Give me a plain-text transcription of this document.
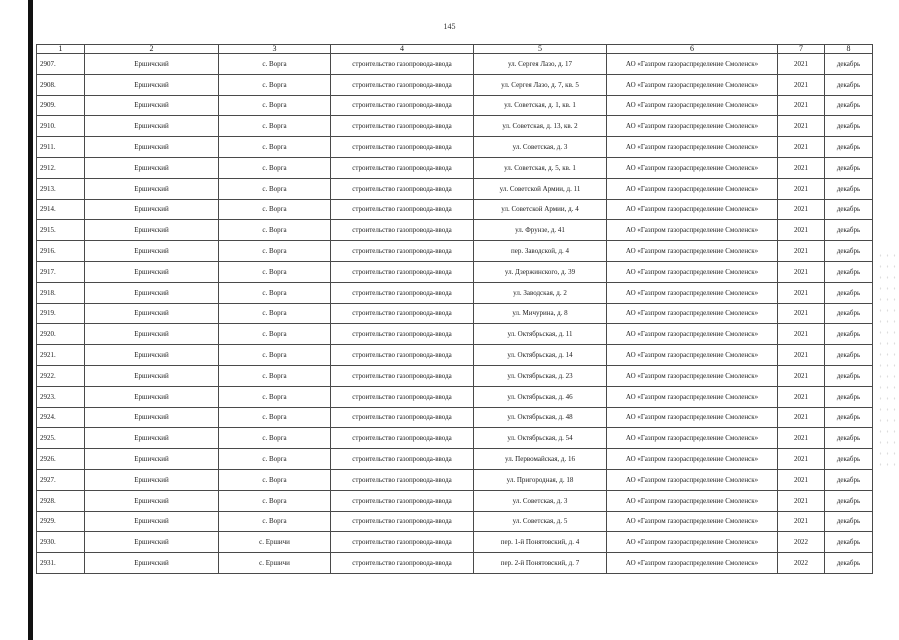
145
1	2	3	4	5	6	7	8
2907.	Ершичский	с. Ворга	строительство газопровода-ввода	ул. Сергея Лазо, д. 17	АО «Газпром газораспределение Смоленск»	2021	декабрь
2908.	Ершичский	с. Ворга	строительство газопровода-ввода	ул. Сергея Лазо, д. 7, кв. 5	АО «Газпром газораспределение Смоленск»	2021	декабрь
2909.	Ершичский	с. Ворга	строительство газопровода-ввода	ул. Советская, д. 1, кв. 1	АО «Газпром газораспределение Смоленск»	2021	декабрь
2910.	Ершичский	с. Ворга	строительство газопровода-ввода	ул. Советская, д. 13, кв. 2	АО «Газпром газораспределение Смоленск»	2021	декабрь
2911.	Ершичский	с. Ворга	строительство газопровода-ввода	ул. Советская, д. 3	АО «Газпром газораспределение Смоленск»	2021	декабрь
2912.	Ершичский	с. Ворга	строительство газопровода-ввода	ул. Советская, д. 5, кв. 1	АО «Газпром газораспределение Смоленск»	2021	декабрь
2913.	Ершичский	с. Ворга	строительство газопровода-ввода	ул. Советской Армии, д. 11	АО «Газпром газораспределение Смоленск»	2021	декабрь
2914.	Ершичский	с. Ворга	строительство газопровода-ввода	ул. Советской Армии, д. 4	АО «Газпром газораспределение Смоленск»	2021	декабрь
2915.	Ершичский	с. Ворга	строительство газопровода-ввода	ул. Фрунзе, д. 41	АО «Газпром газораспределение Смоленск»	2021	декабрь
2916.	Ершичский	с. Ворга	строительство газопровода-ввода	пер. Заводской, д. 4	АО «Газпром газораспределение Смоленск»	2021	декабрь
2917.	Ершичский	с. Ворга	строительство газопровода-ввода	ул. Дзержинского, д. 39	АО «Газпром газораспределение Смоленск»	2021	декабрь
2918.	Ершичский	с. Ворга	строительство газопровода-ввода	ул. Заводская, д. 2	АО «Газпром газораспределение Смоленск»	2021	декабрь
2919.	Ершичский	с. Ворга	строительство газопровода-ввода	ул. Мичурина, д. 8	АО «Газпром газораспределение Смоленск»	2021	декабрь
2920.	Ершичский	с. Ворга	строительство газопровода-ввода	ул. Октябрьская, д. 11	АО «Газпром газораспределение Смоленск»	2021	декабрь
2921.	Ершичский	с. Ворга	строительство газопровода-ввода	ул. Октябрьская, д. 14	АО «Газпром газораспределение Смоленск»	2021	декабрь
2922.	Ершичский	с. Ворга	строительство газопровода-ввода	ул. Октябрьская, д. 23	АО «Газпром газораспределение Смоленск»	2021	декабрь
2923.	Ершичский	с. Ворга	строительство газопровода-ввода	ул. Октябрьская, д. 46	АО «Газпром газораспределение Смоленск»	2021	декабрь
2924.	Ершичский	с. Ворга	строительство газопровода-ввода	ул. Октябрьская, д. 48	АО «Газпром газораспределение Смоленск»	2021	декабрь
2925.	Ершичский	с. Ворга	строительство газопровода-ввода	ул. Октябрьская, д. 54	АО «Газпром газораспределение Смоленск»	2021	декабрь
2926.	Ершичский	с. Ворга	строительство газопровода-ввода	ул. Первомайская, д. 16	АО «Газпром газораспределение Смоленск»	2021	декабрь
2927.	Ершичский	с. Ворга	строительство газопровода-ввода	ул. Пригородная, д. 18	АО «Газпром газораспределение Смоленск»	2021	декабрь
2928.	Ершичский	с. Ворга	строительство газопровода-ввода	ул. Советская, д. 3	АО «Газпром газораспределение Смоленск»	2021	декабрь
2929.	Ершичский	с. Ворга	строительство газопровода-ввода	ул. Советская, д. 5	АО «Газпром газораспределение Смоленск»	2021	декабрь
2930.	Ершичский	с. Ершичи	строительство газопровода-ввода	пер. 1-й Понятовский, д. 4	АО «Газпром газораспределение Смоленск»	2022	декабрь
2931.	Ершичский	с. Ершичи	строительство газопровода-ввода	пер. 2-й Понятовский, д. 7	АО «Газпром газораспределение Смоленск»	2022	декабрь
